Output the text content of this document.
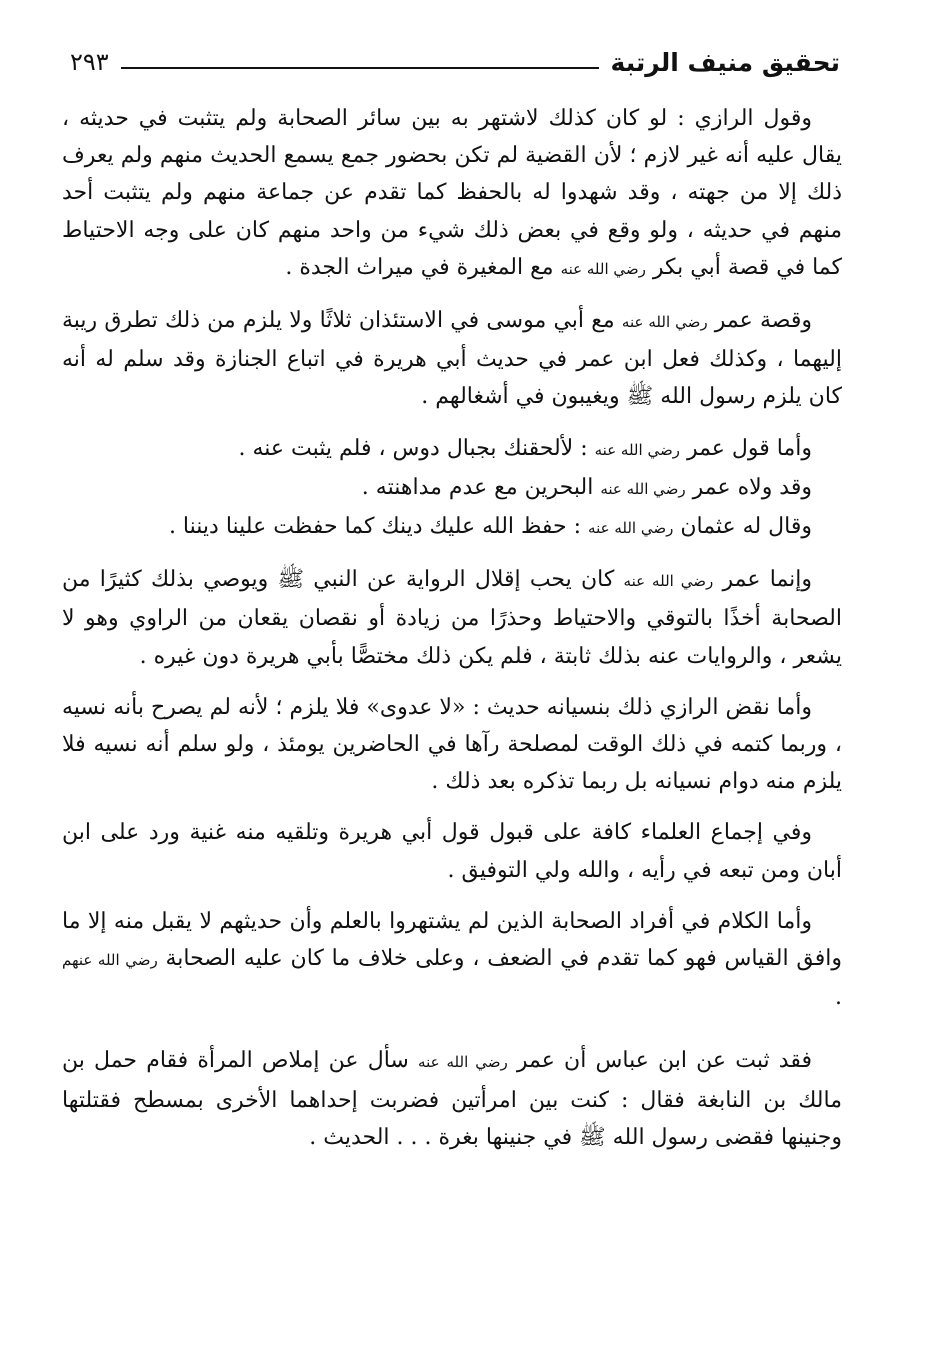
تحقيق منيف الرتبة
٢٩٣

وقول الرازي : لو كان كذلك لاشتهر به بين سائر الصحابة ولم يتثبت في حديثه ، يقال عليه أنه غير لازم ؛ لأن القضية لم تكن بحضور جمع يسمع الحديث منهم ولم يعرف ذلك إلا من جهته ، وقد شهدوا له بالحفظ كما تقدم عن جماعة منهم ولم يتثبت أحد منهم في حديثه ، ولو وقع في بعض ذلك شيء من واحد منهم كان على وجه الاحتياط كما في قصة أبي بكر رضي الله عنه مع المغيرة في ميراث الجدة .

وقصة عمر رضي الله عنه مع أبي موسى في الاستئذان ثلاثًا ولا يلزم من ذلك تطرق ريبة إليهما ، وكذلك فعل ابن عمر في حديث أبي هريرة في اتباع الجنازة وقد سلم له أنه كان يلزم رسول الله ﷺ ويغيبون في أشغالهم .

وأما قول عمر رضي الله عنه : لألحقنك بجبال دوس ، فلم يثبت عنه .

وقد ولاه عمر رضي الله عنه البحرين مع عدم مداهنته .

وقال له عثمان رضي الله عنه : حفظ الله عليك دينك كما حفظت علينا ديننا .

وإنما عمر رضي الله عنه كان يحب إقلال الرواية عن النبي ﷺ ويوصي بذلك كثيرًا من الصحابة أخذًا بالتوقي والاحتياط وحذرًا من زيادة أو نقصان يقعان من الراوي وهو لا يشعر ، والروايات عنه بذلك ثابتة ، فلم يكن ذلك مختصًّا بأبي هريرة دون غيره .

وأما نقض الرازي ذلك بنسيانه حديث : «لا عدوى» فلا يلزم ؛ لأنه لم يصرح بأنه نسيه ، وربما كتمه في ذلك الوقت لمصلحة رآها في الحاضرين يومئذ ، ولو سلم أنه نسيه فلا يلزم منه دوام نسيانه بل ربما تذكره بعد ذلك .

وفي إجماع العلماء كافة على قبول قول أبي هريرة وتلقيه منه غنية ورد على ابن أبان ومن تبعه في رأيه ، والله ولي التوفيق .

وأما الكلام في أفراد الصحابة الذين لم يشتهروا بالعلم وأن حديثهم لا يقبل منه إلا ما وافق القياس فهو كما تقدم في الضعف ، وعلى خلاف ما كان عليه الصحابة رضي الله عنهم .

فقد ثبت عن ابن عباس أن عمر رضي الله عنه سأل عن إملاص المرأة فقام حمل بن مالك بن النابغة فقال : كنت بين امرأتين فضربت إحداهما الأخرى بمسطح فقتلتها وجنينها فقضى رسول الله ﷺ في جنينها بغرة . . . الحديث .
